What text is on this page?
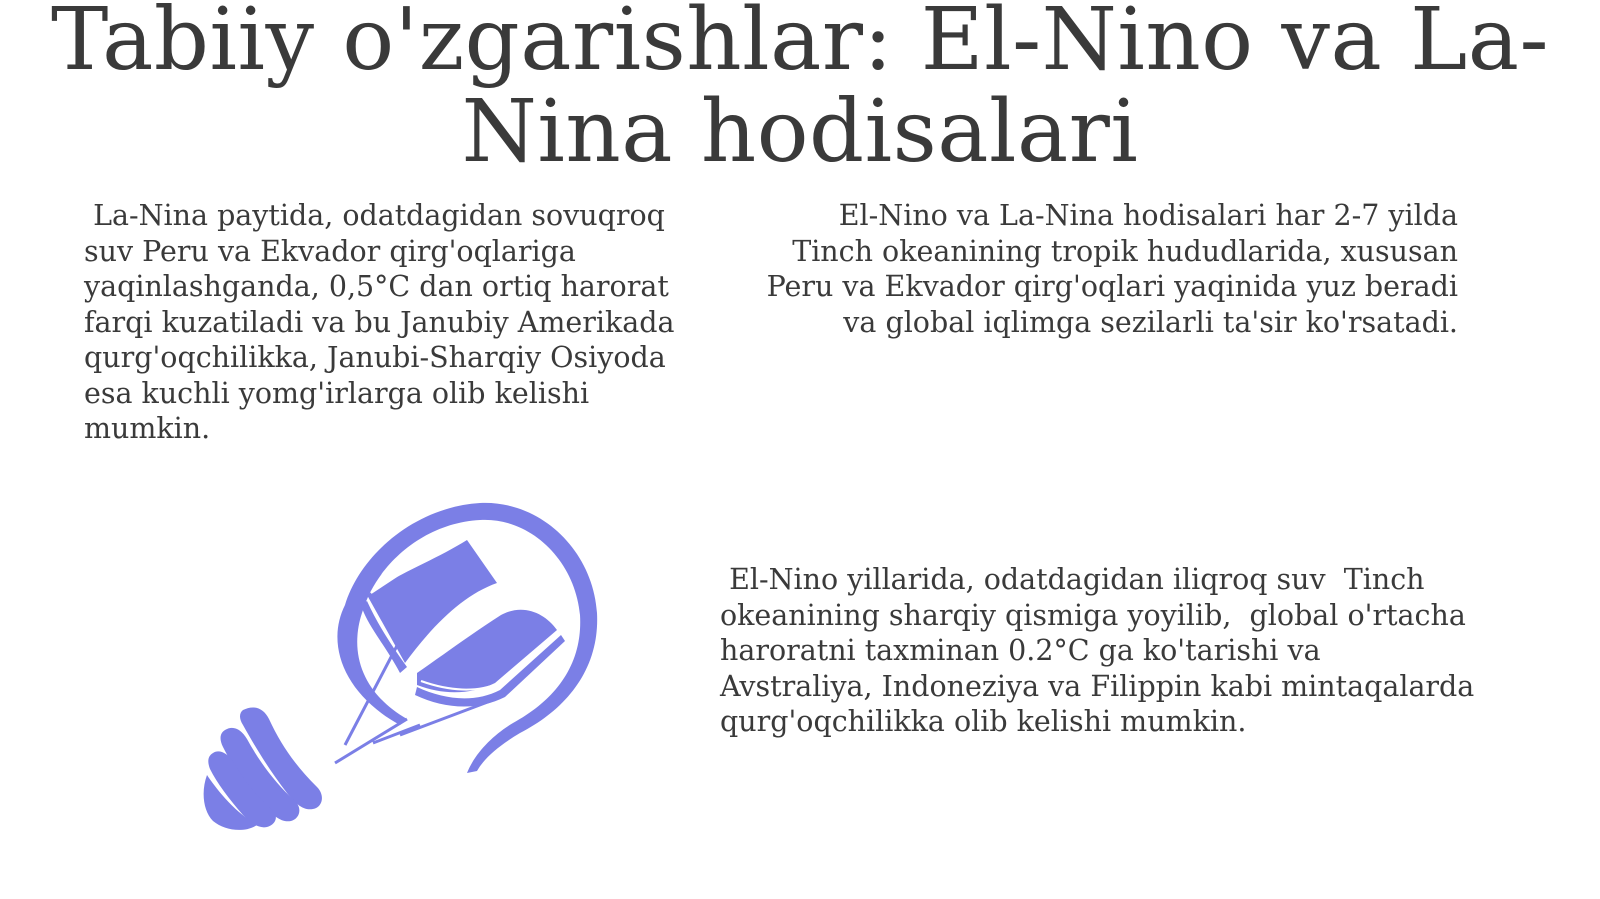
Tabiiy o'zgarishlar: El-Nino va La-Nina hodisalari

La-Nina paytida, odatdagidan sovuqroq suv Peru va Ekvador qirg'oqlariga yaqinlashganda, 0,5°C dan ortiq harorat farqi kuzatiladi va bu Janubiy Amerikada qurg'oqchilikka, Janubi-Sharqiy Osiyoda esa kuchli yomg'irlarga olib kelishi mumkin.

El-Nino va La-Nina hodisalari har 2-7 yilda Tinch okeanining tropik hududlarida, xususan Peru va Ekvador qirg'oqlari yaqinida yuz beradi va global iqlimga sezilarli ta'sir ko'rsatadi.

El-Nino yillarida, odatdagidan iliqroq suv  Tinch okeanining sharqiy qismiga yoyilib,  global o'rtacha haroratni taxminan 0.2°C ga ko'tarishi va Avstraliya, Indoneziya va Filippin kabi mintaqalarda qurg'oqchilikka olib kelishi mumkin.
